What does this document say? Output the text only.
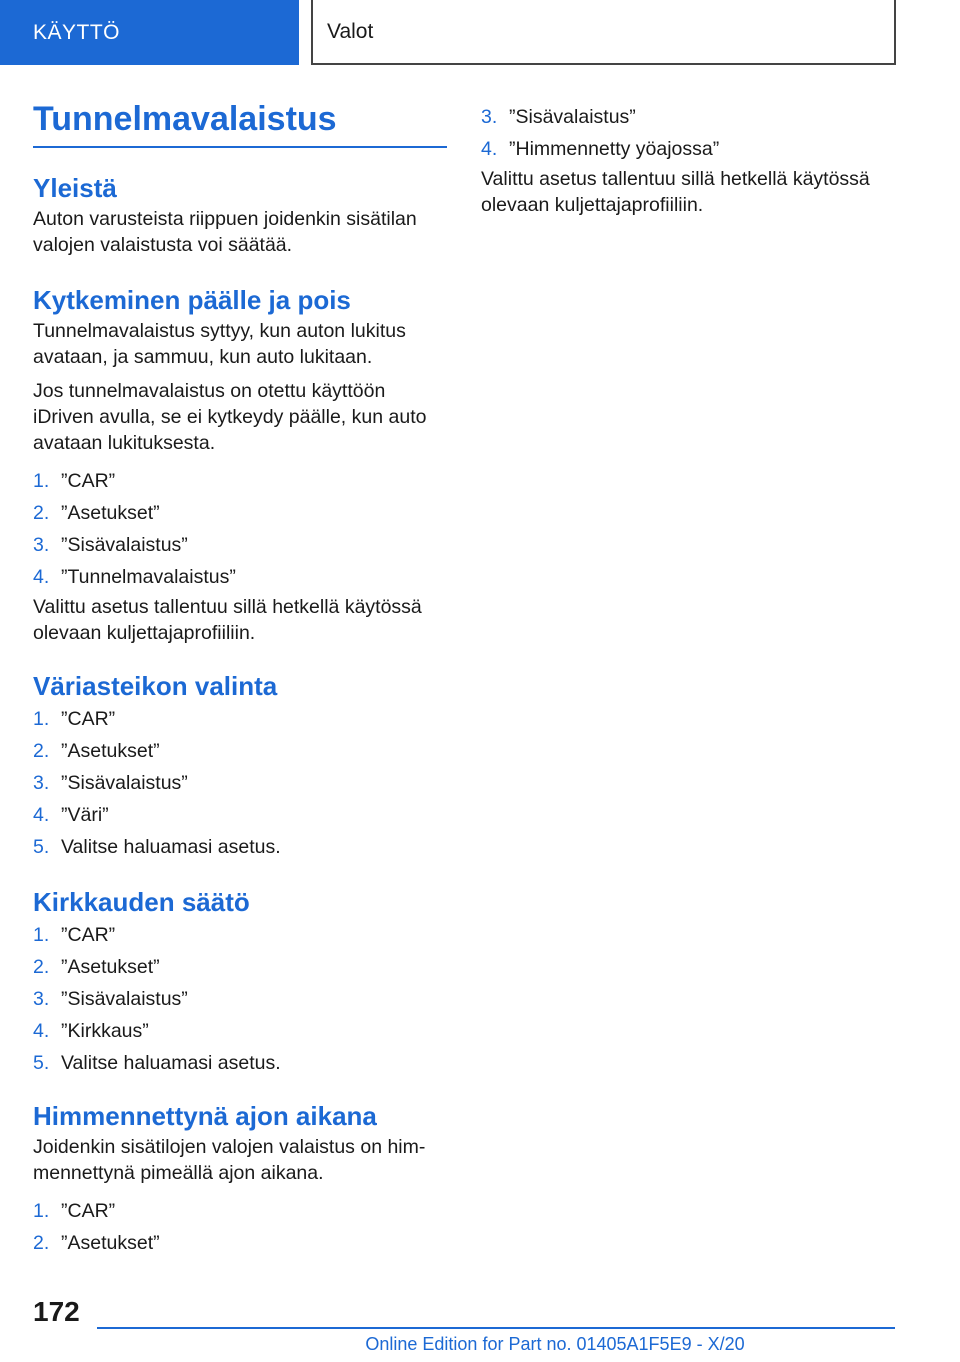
KÄYTTÖ	Valot
Tunnelmavalaistus
Yleistä

Auton varusteista riippuen joidenkin sisätilan valojen valaistusta voi säätää.

Kytkeminen päälle ja pois

Tunnelmavalaistus syttyy, kun auton lukitus avataan, ja sammuu, kun auto lukitaan.

Jos tunnelmavalaistus on otettu käyttöön iDriven avulla, se ei kytkeydy päälle, kun auto avataan lukituksesta.

1. ”CAR”
2. ”Asetukset”
3. ”Sisävalaistus”
4. ”Tunnelmavalaistus”

Valittu asetus tallentuu sillä hetkellä käytössä olevaan kuljettajaprofiiliin.

Väriasteikon valinta
1. ”CAR”
2. ”Asetukset”
3. ”Sisävalaistus”
4. ”Väri”
5. Valitse haluamasi asetus.
Kirkkauden säätö
1. ”CAR”
2. ”Asetukset”
3. ”Sisävalaistus”
4. ”Kirkkaus”
5. Valitse haluamasi asetus.
Himmennettynä ajon aikana

Joidenkin sisätilojen valojen valaistus on himmennettynä pimeällä ajon aikana.

1. ”CAR”
2. ”Asetukset”
3. ”Sisävalaistus”
4. ”Himmennetty yöajossa”

Valittu asetus tallentuu sillä hetkellä käytössä olevaan kuljettajaprofiiliin.

172
Online Edition for Part no. 01405A1F5E9 - X/20
